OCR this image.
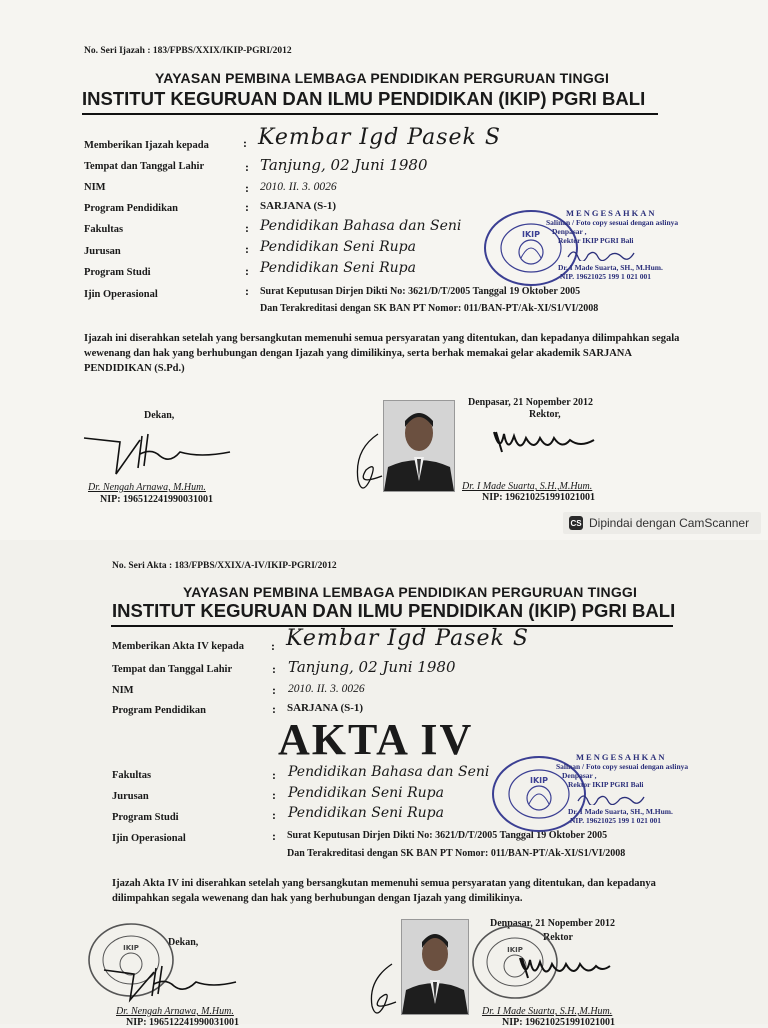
No. Seri Ijazah : 183/FPBS/XXIX/IKIP-PGRI/2012
YAYASAN PEMBINA LEMBAGA PENDIDIKAN PERGURUAN TINGGI
INSTITUT KEGURUAN DAN ILMU PENDIDIKAN (IKIP) PGRI BALI
Memberikan Ijazah kepada	: Kembar Igd Pasek S
Tempat dan Tanggal Lahir	: Tanjung, 02 Juni 1980
NIM	: 2010. II. 3. 0026
Program Pendidikan	: SARJANA (S-1)
Fakultas	: Pendidikan Bahasa dan Seni
Jurusan	: Pendidikan Seni Rupa
Program Studi	: Pendidikan Seni Rupa
Ijin Operasional	: Surat Keputusan Dirjen Dikti No: 3621/D/T/2005 Tanggal 19 Oktober 2005
Dan Terakreditasi dengan SK BAN PT Nomor: 011/BAN-PT/Ak-XI/S1/VI/2008
IKIP
MENGESAHKAN
Salinan / Foto copy sesuai dengan aslinya
Denpasar ,
Rektor IKIP PGRI Bali
Dr. I Made Suarta, SH., M.Hum.
NIP. 19621025 199 1 021 001
Ijazah ini diserahkan setelah yang bersangkutan memenuhi semua persyaratan yang ditentukan, dan kepadanya dilimpahkan segala wewenang dan hak yang berhubungan dengan Ijazah yang dimilikinya, serta berhak memakai gelar akademik SARJANA PENDIDIKAN (S.Pd.)
Denpasar, 21 Nopember 2012
Rektor,
Dekan,
Dr. Nengah Arnawa, M.Hum.
NIP: 196512241990031001
Dr. I Made Suarta, S.H.,M.Hum.
NIP: 196210251991021001
CS Dipindai dengan CamScanner
No. Seri Akta : 183/FPBS/XXIX/A-IV/IKIP-PGRI/2012
YAYASAN PEMBINA LEMBAGA PENDIDIKAN PERGURUAN TINGGI
INSTITUT KEGURUAN DAN ILMU PENDIDIKAN (IKIP) PGRI BALI
Memberikan Akta IV kepada : Kembar Igd Pasek S
Tempat dan Tanggal Lahir	: Tanjung, 02 Juni 1980
NIM	: 2010. II. 3. 0026
Program Pendidikan	: SARJANA (S-1)
AKTA IV
Fakultas	: Pendidikan Bahasa dan Seni
Jurusan	: Pendidikan Seni Rupa
Program Studi	: Pendidikan Seni Rupa
Ijin Operasional	: Surat Keputusan Dirjen Dikti No: 3621/D/T/2005 Tanggal 19 Oktober 2005
Dan Terakreditasi dengan SK BAN PT Nomor: 011/BAN-PT/Ak-XI/S1/VI/2008
IKIP
MENGESAHKAN
Salinan / Foto copy sesuai dengan aslinya
Denpasar ,
Rektor IKIP PGRI Bali
Dr. I Made Suarta, SH., M.Hum.
NIP. 19621025 199 1 021 001
Ijazah Akta IV ini diserahkan setelah yang bersangkutan memenuhi semua persyaratan yang ditentukan, dan kepadanya dilimpahkan segala wewenang dan hak yang berhubungan dengan Ijazah yang dimilikinya.
Denpasar, 21 Nopember 2012
Rektor
Dekan,
IKIP	IKIP
Dr. Nengah Arnawa, M.Hum.
NIP: 196512241990031001
Dr. I Made Suarta, S.H.,M.Hum.
NIP: 196210251991021001
